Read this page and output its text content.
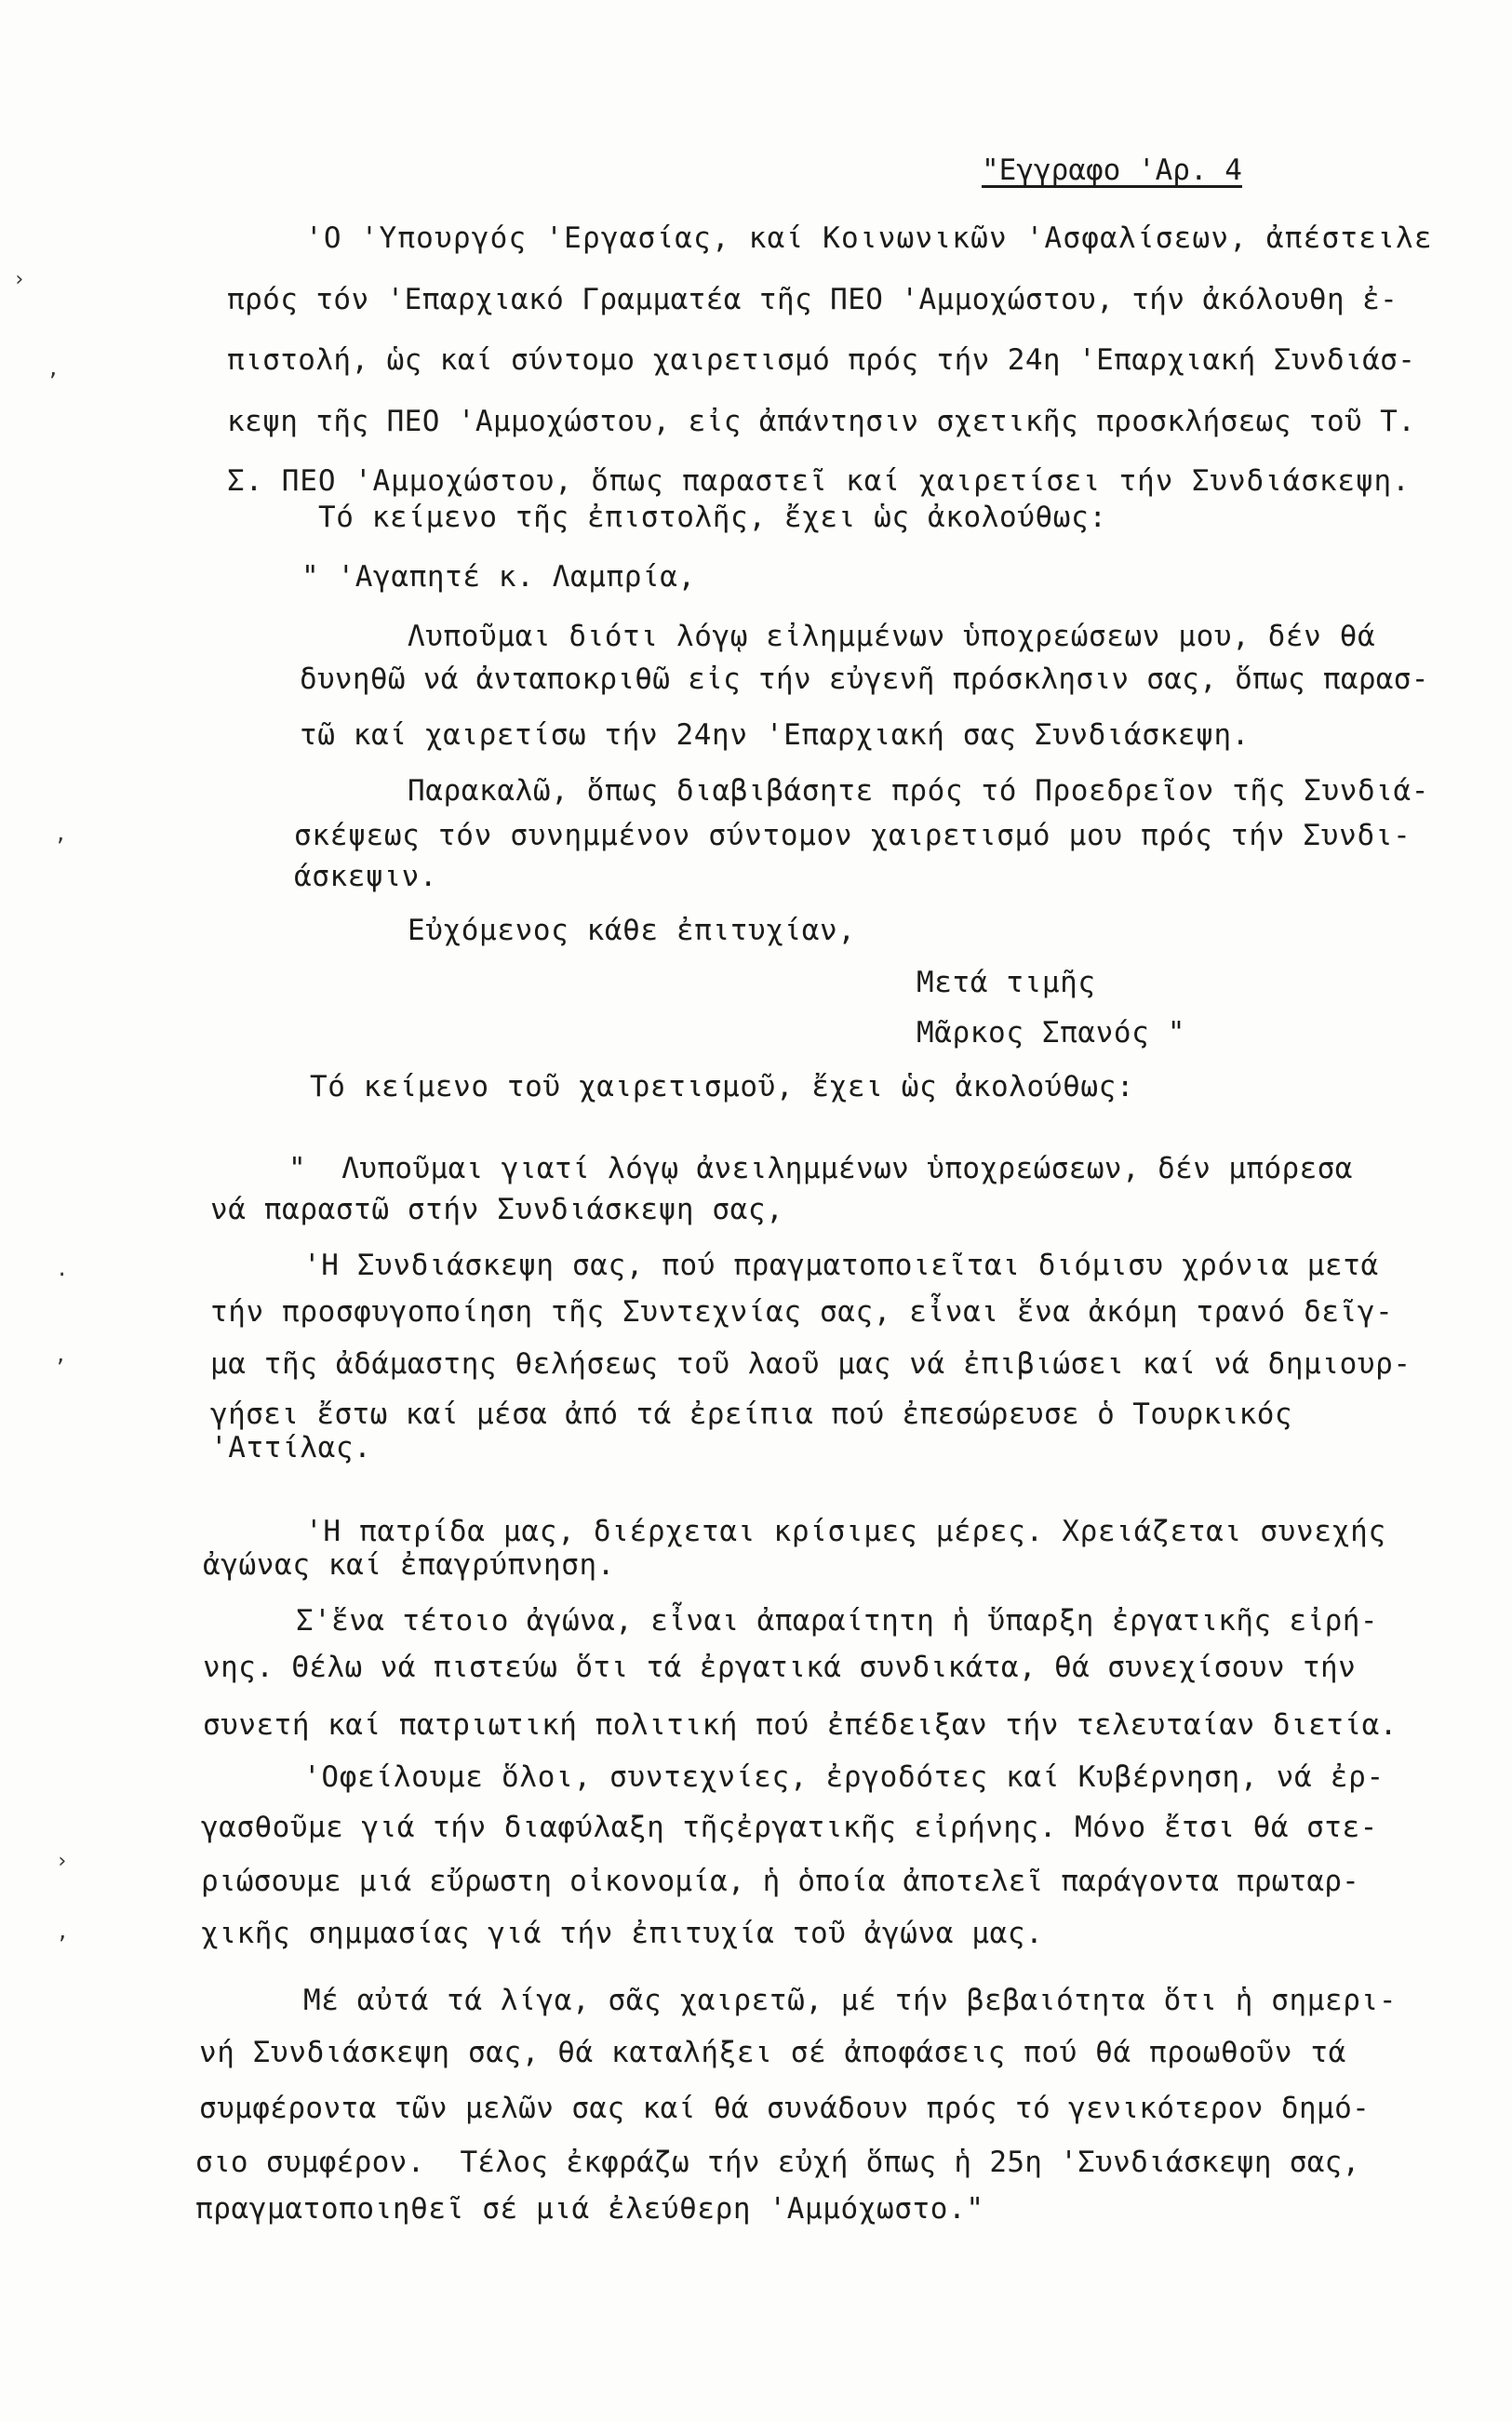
›
’
’
·
’
›
’
"Εγγραφο 'Αρ. 4
'Ο 'Υπουργός 'Εργασίας, καί Κοινωνικῶν 'Ασφαλίσεων, ἀπέστειλε
πρός τόν 'Επαρχιακό Γραμματέα τῆς ΠΕΟ 'Αμμοχώστου, τήν ἀκόλουθη ἐ-
πιστολή, ὡς καί σύντομο χαιρετισμό πρός τήν 24η 'Επαρχιακή Συνδιάσ-
κεψη τῆς ΠΕΟ 'Αμμοχώστου, εἰς ἀπάντησιν σχετικῆς προσκλήσεως τοῦ Τ.
Σ. ΠΕΟ 'Αμμοχώστου, ὅπως παραστεῖ καί χαιρετίσει τήν Συνδιάσκεψη.
Τό κείμενο τῆς ἐπιστολῆς, ἔχει ὡς ἀκολούθως:
" 'Αγαπητέ κ. Λαμπρία,
Λυποῦμαι διότι λόγῳ εἰλημμένων ὑποχρεώσεων μου, δέν θά
δυνηθῶ νά ἀνταποκριθῶ εἰς τήν εὐγενῆ πρόσκλησιν σας, ὅπως παρασ-
τῶ καί χαιρετίσω τήν 24ην 'Επαρχιακή σας Συνδιάσκεψη.
Παρακαλῶ, ὅπως διαβιβάσητε πρός τό Προεδρεῖον τῆς Συνδιά-
σκέψεως τόν συνημμένον σύντομον χαιρετισμό μου πρός τήν Συνδι-
άσκεψιν.
Εὐχόμενος κάθε ἐπιτυχίαν,
Μετά τιμῆς
Μᾶρκος Σπανός "
Τό κείμενο τοῦ χαιρετισμοῦ, ἔχει ὡς ἀκολούθως:
"  Λυποῦμαι γιατί λόγῳ ἀνειλημμένων ὑποχρεώσεων, δέν μπόρεσα
νά παραστῶ στήν Συνδιάσκεψη σας,
'Η Συνδιάσκεψη σας, πού πραγματοποιεῖται διόμισυ χρόνια μετά
τήν προσφυγοποίηση τῆς Συντεχνίας σας, εἶναι ἕνα ἀκόμη τρανό δεῖγ-
μα τῆς ἀδάμαστης θελήσεως τοῦ λαοῦ μας νά ἐπιβιώσει καί νά δημιουρ-
γήσει ἔστω καί μέσα ἀπό τά ἐρείπια πού ἐπεσώρευσε ὁ Τουρκικός
'Αττίλας.
'Η πατρίδα μας, διέρχεται κρίσιμες μέρες. Χρειάζεται συνεχής
ἀγώνας καί ἐπαγρύπνηση.
Σ'ἕνα τέτοιο ἀγώνα, εἶναι ἀπαραίτητη ἡ ὕπαρξη ἐργατικῆς εἰρή-
νης. Θέλω νά πιστεύω ὅτι τά ἐργατικά συνδικάτα, θά συνεχίσουν τήν
συνετή καί πατριωτική πολιτική πού ἐπέδειξαν τήν τελευταίαν διετία.
'Οφείλουμε ὅλοι, συντεχνίες, ἐργοδότες καί Κυβέρνηση, νά ἐρ-
γασθοῦμε γιά τήν διαφύλαξη τῆςἐργατικῆς εἰρήνης. Μόνο ἔτσι θά στε-
ριώσουμε μιά εὔρωστη οἰκονομία, ἡ ὁποία ἀποτελεῖ παράγοντα πρωταρ-
χικῆς σημμασίας γιά τήν ἐπιτυχία τοῦ ἀγώνα μας.
Μέ αὐτά τά λίγα, σᾶς χαιρετῶ, μέ τήν βεβαιότητα ὅτι ἡ σημερι-
νή Συνδιάσκεψη σας, θά καταλήξει σέ ἀποφάσεις πού θά προωθοῦν τά
συμφέροντα τῶν μελῶν σας καί θά συνάδουν πρός τό γενικότερον δημό-
σιο συμφέρον.  Τέλος ἐκφράζω τήν εὐχή ὅπως ἡ 25η 'Συνδιάσκεψη σας,
πραγματοποιηθεῖ σέ μιά ἐλεύθερη 'Αμμόχωστο."
